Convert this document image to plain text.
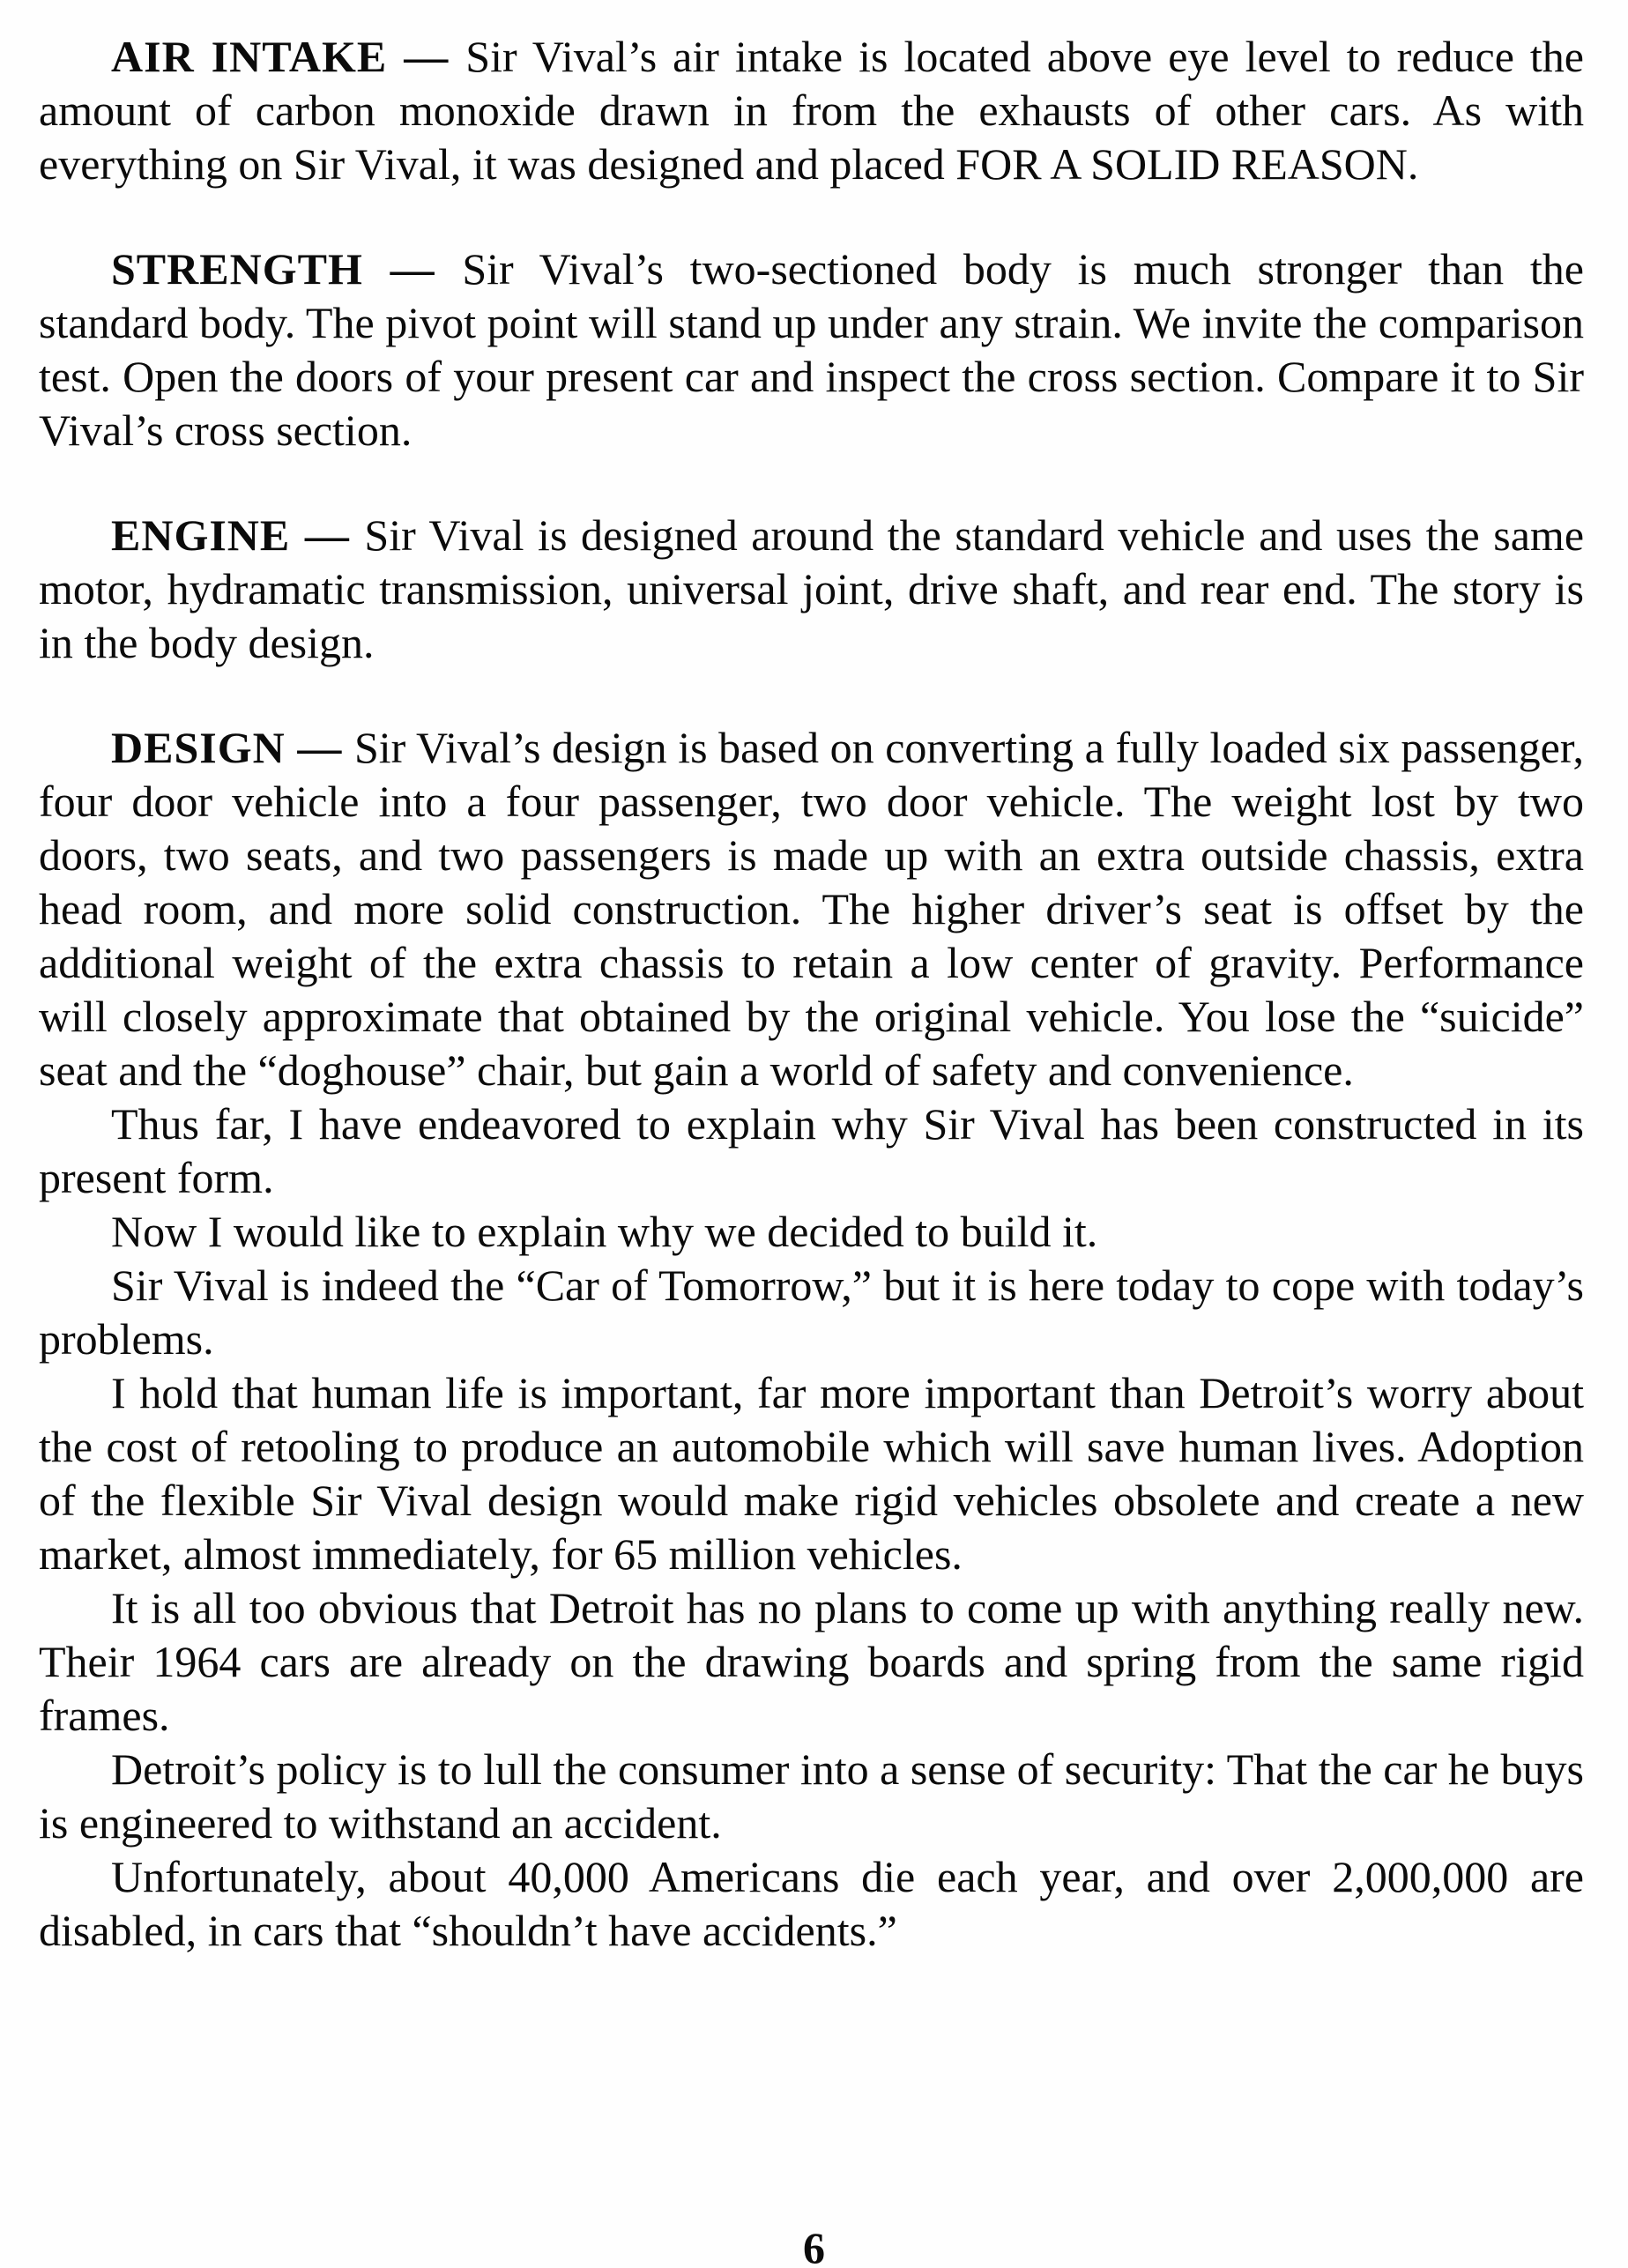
AIR INTAKE — Sir Vival’s air intake is located above eye level to reduce the amount of carbon monoxide drawn in from the exhausts of other cars. As with everything on Sir Vival, it was designed and placed FOR A SOLID REASON.

STRENGTH — Sir Vival’s two-sectioned body is much stronger than the standard body. The pivot point will stand up under any strain. We invite the comparison test. Open the doors of your present car and inspect the cross section. Compare it to Sir Vival’s cross section.

ENGINE — Sir Vival is designed around the standard vehicle and uses the same motor, hydramatic transmission, universal joint, drive shaft, and rear end. The story is in the body design.

DESIGN — Sir Vival’s design is based on converting a fully loaded six passenger, four door vehicle into a four passenger, two door vehicle. The weight lost by two doors, two seats, and two passengers is made up with an extra outside chassis, extra head room, and more solid construction. The higher driver’s seat is offset by the additional weight of the extra chassis to retain a low center of gravity. Performance will closely approximate that obtained by the original vehicle. You lose the “suicide” seat and the “doghouse” chair, but gain a world of safety and convenience.

Thus far, I have endeavored to explain why Sir Vival has been constructed in its present form.

Now I would like to explain why we decided to build it.

Sir Vival is indeed the “Car of Tomorrow,” but it is here today to cope with today’s problems.

I hold that human life is important, far more important than Detroit’s worry about the cost of retooling to produce an automobile which will save human lives. Adoption of the flexible Sir Vival design would make rigid vehicles obsolete and create a new market, almost immediately, for 65 million vehicles.

It is all too obvious that Detroit has no plans to come up with anything really new. Their 1964 cars are already on the drawing boards and spring from the same rigid frames.

Detroit’s policy is to lull the consumer into a sense of security: That the car he buys is engineered to withstand an accident.

Unfortunately, about 40,000 Americans die each year, and over 2,000,000 are disabled, in cars that “shouldn’t have accidents.”

6
